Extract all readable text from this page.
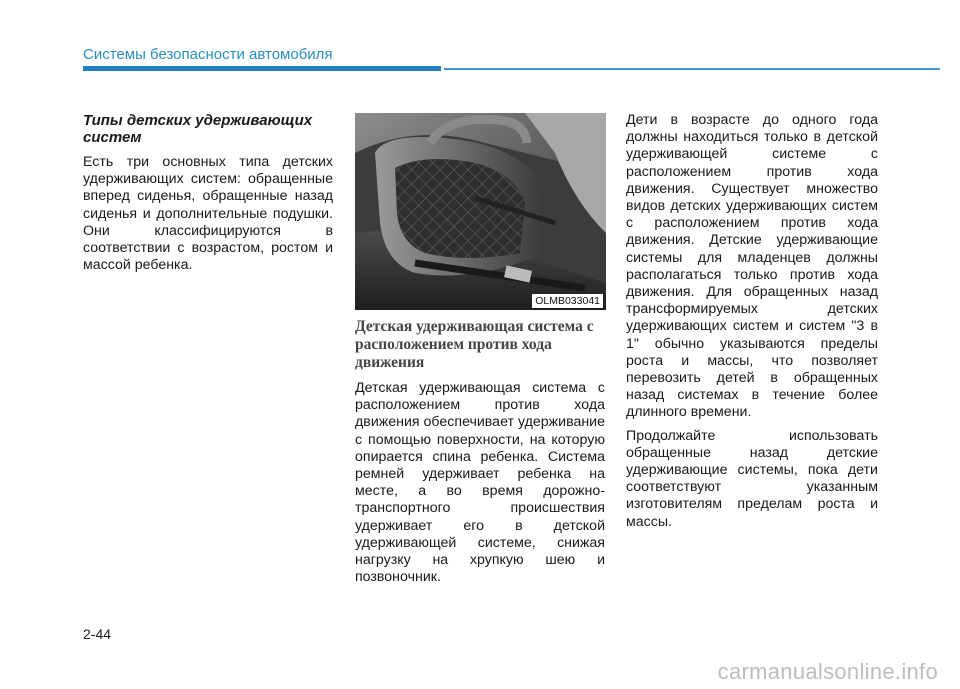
Системы безопасности автомобиля
Типы детских удерживающих систем

Есть три основных типа детских удерживающих систем: обращенные вперед сиденья, обращенные назад сиденья и дополнительные подушки. Они классифицируются в соответствии с возрастом, ростом и массой ребенка.

OLMB033041
Детская удерживающая система с расположением против хода движения

Детская удерживающая система с расположением против хода движения обеспечивает удерживание с помощью поверхности, на которую опирается спина ребенка. Система ремней удерживает ребенка на месте, а во время дорожно-транспортного происшествия удерживает его в детской удерживающей системе, снижая нагрузку на хрупкую шею и позвоночник.

Дети в возрасте до одного года должны находиться только в детской удерживающей системе с расположением против хода движения. Существует множество видов детских удерживающих систем с расположением против хода движения. Детские удерживающие системы для младенцев должны располагаться только против хода движения. Для обращенных назад трансформируемых детских удерживающих систем и систем "3 в 1" обычно указываются пределы роста и массы, что позволяет перевозить детей в обращенных назад системах в течение более длинного времени.

Продолжайте использовать обращенные назад детские удерживающие системы, пока дети соответствуют указанным изготовителям пределам роста и массы.

2-44
carmanualsonline.info
